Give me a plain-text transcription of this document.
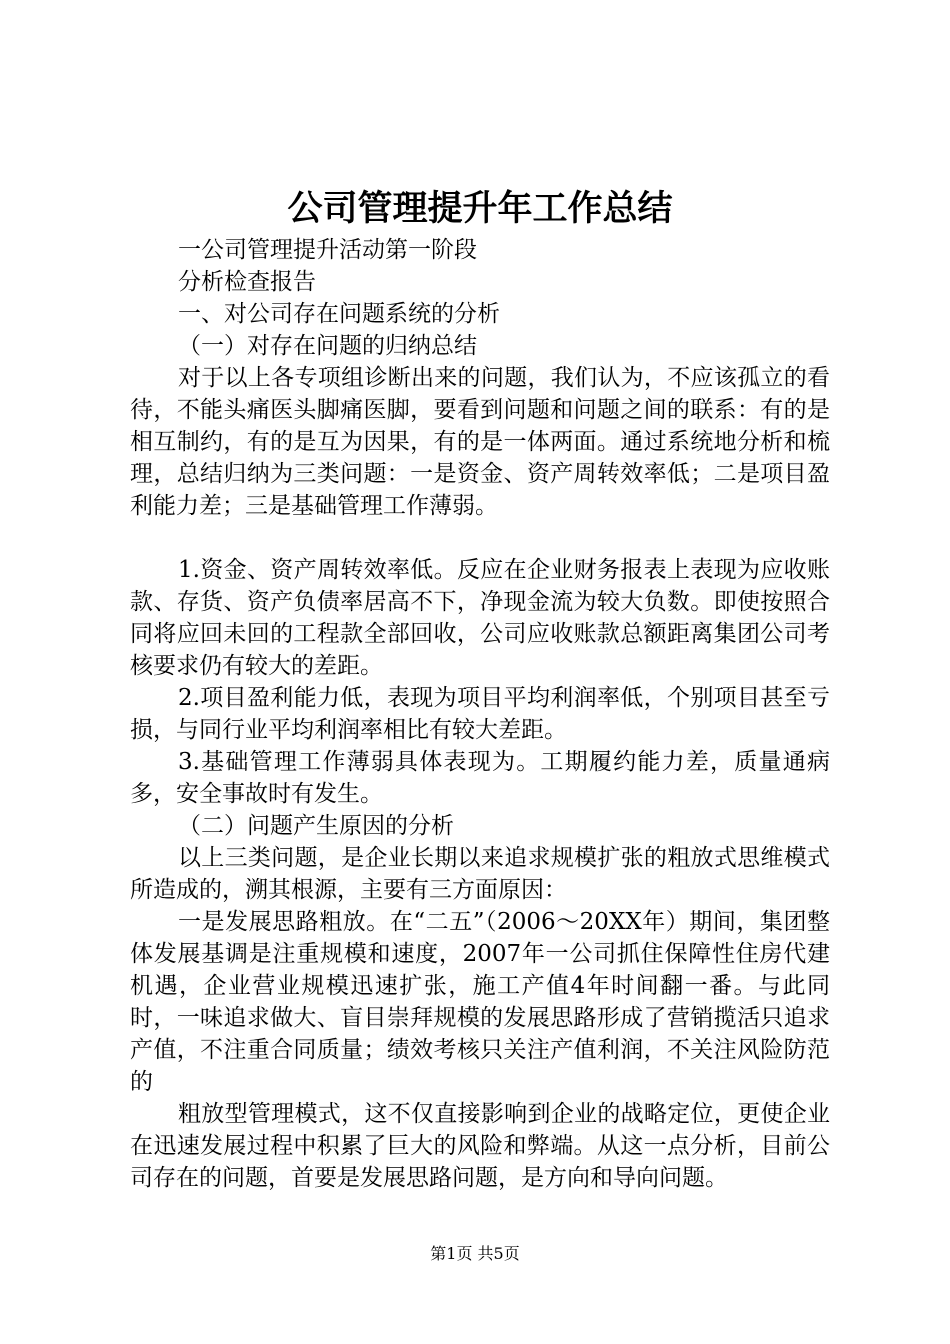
公司管理提升年工作总结

一公司管理提升活动第一阶段

分析检查报告

一、对公司存在问题系统的分析

（一）对存在问题的归纳总结

对于以上各专项组诊断出来的问题，我们认为，不应该孤立的看待，不能头痛医头脚痛医脚，要看到问题和问题之间的联系：有的是相互制约，有的是互为因果，有的是一体两面。通过系统地分析和梳理，总结归纳为三类问题：一是资金、资产周转效率低；二是项目盈利能力差；三是基础管理工作薄弱。

1.资金、资产周转效率低。反应在企业财务报表上表现为应收账款、存货、资产负债率居高不下，净现金流为较大负数。即使按照合同将应回未回的工程款全部回收，公司应收账款总额距离集团公司考核要求仍有较大的差距。

2.项目盈利能力低，表现为项目平均利润率低，个别项目甚至亏损，与同行业平均利润率相比有较大差距。

3.基础管理工作薄弱具体表现为。工期履约能力差，质量通病多，安全事故时有发生。

（二）问题产生原因的分析

以上三类问题，是企业长期以来追求规模扩张的粗放式思维模式所造成的，溯其根源，主要有三方面原因：

一是发展思路粗放。在“二五”（2006～20XX年）期间，集团整体发展基调是注重规模和速度，2007年一公司抓住保障性住房代建机遇，企业营业规模迅速扩张，施工产值4年时间翻一番。与此同时，一味追求做大、盲目崇拜规模的发展思路形成了营销揽活只追求产值，不注重合同质量；绩效考核只关注产值利润，不关注风险防范的

粗放型管理模式，这不仅直接影响到企业的战略定位，更使企业在迅速发展过程中积累了巨大的风险和弊端。从这一点分析，目前公司存在的问题，首要是发展思路问题，是方向和导向问题。

第1页 共5页
